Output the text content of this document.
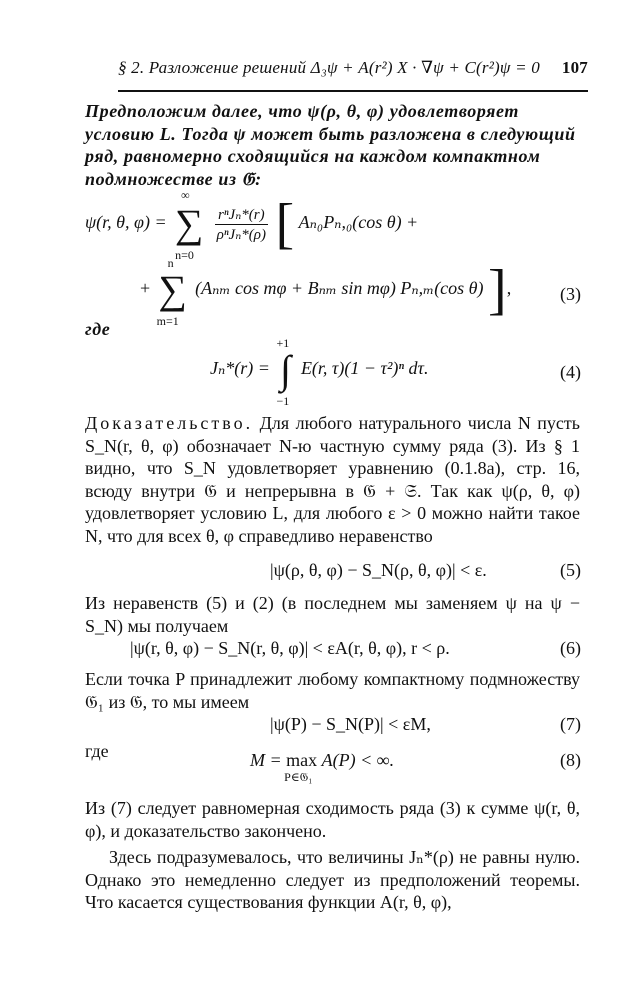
§ 2. Разложение решений Δ₃ψ + A(r²) X · ∇ψ + C(r²)ψ = 0 107
Предположим далее, что ψ(ρ, θ, φ) удовлетворяет условию L. Тогда ψ может быть разложена в следующий ряд, равномерно сходящийся на каждом компактном подмножестве из 𝔊:
ψ(r, θ, φ) =
∞
∑
n=0

$\frac{\text{rⁿJₙ*(r)}}{\text{ρⁿJₙ*(ρ)}}$ [ Aₙ₀Pₙ,₀(cos θ) +
+
n
∑
m=1
(Aₙₘ cos mφ + Bₙₘ sin mφ) Pₙ,ₘ(cos θ) ],	(3)
где
Jₙ*(r) =
+1
∫
−1
E(r, τ)(1 − τ²)ⁿ dτ.	(4)
Доказательство. Для любого натурального числа N пусть S_N(r, θ, φ) обозначает N-ю частную сумму ряда (3). Из § 1 видно, что S_N удовлетворяет уравнению (0.1.8а), стр. 16, всюду внутри 𝔊 и непрерывна в 𝔊 + 𝔖. Так как ψ(ρ, θ, φ) удовлетворяет условию L, для любого ε > 0 можно найти такое N, что для всех θ, φ справедливо неравенство
|ψ(ρ, θ, φ) − S_N(ρ, θ, φ)| < ε.	(5)
Из неравенств (5) и (2) (в последнем мы заменяем ψ на ψ − S_N) мы получаем
|ψ(r, θ, φ) − S_N(r, θ, φ)| < εA(r, θ, φ), r < ρ.	(6)
Если точка P принадлежит любому компактному подмножеству 𝔊₁ из 𝔊, то мы имеем
|ψ(P) − S_N(P)| < εM,	(7)
где	M = max
P∈𝔊₁
A(P) < ∞.	(8)
Из (7) следует равномерная сходимость ряда (3) к сумме ψ(r, θ, φ), и доказательство закончено.
Здесь подразумевалось, что величины Jₙ*(ρ) не равны нулю. Однако это немедленно следует из предположений теоремы. Что касается существования функции A(r, θ, φ),
